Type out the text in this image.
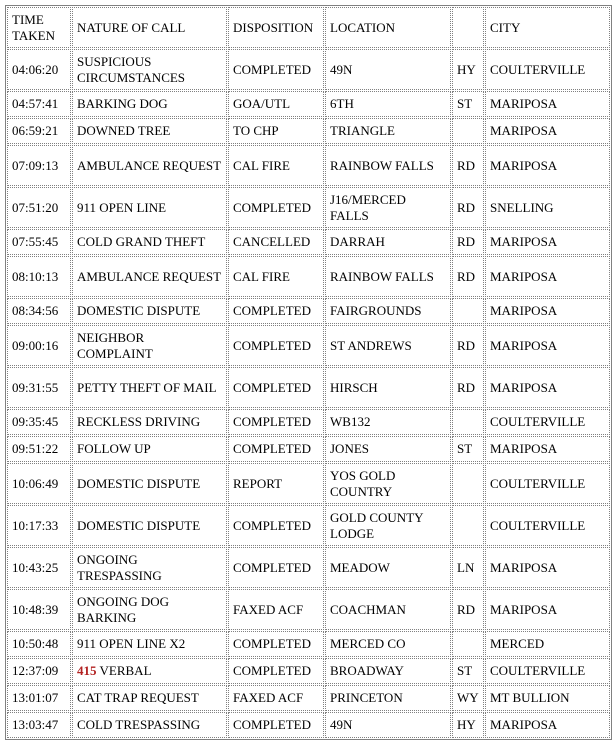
TIME TAKEN	NATURE OF CALL	DISPOSITION	LOCATION		CITY
04:06:20	SUSPICIOUS CIRCUMSTANCES	COMPLETED	49N	HY	COULTERVILLE
04:57:41	BARKING DOG	GOA/UTL	6TH	ST	MARIPOSA
06:59:21	DOWNED TREE	TO CHP	TRIANGLE		MARIPOSA
07:09:13	AMBULANCE REQUEST	CAL FIRE	RAINBOW FALLS	RD	MARIPOSA
07:51:20	911 OPEN LINE	COMPLETED	J16/MERCED FALLS	RD	SNELLING
07:55:45	COLD GRAND THEFT	CANCELLED	DARRAH	RD	MARIPOSA
08:10:13	AMBULANCE REQUEST	CAL FIRE	RAINBOW FALLS	RD	MARIPOSA
08:34:56	DOMESTIC DISPUTE	COMPLETED	FAIRGROUNDS		MARIPOSA
09:00:16	NEIGHBOR COMPLAINT	COMPLETED	ST ANDREWS	RD	MARIPOSA
09:31:55	PETTY THEFT OF MAIL	COMPLETED	HIRSCH	RD	MARIPOSA
09:35:45	RECKLESS DRIVING	COMPLETED	WB132		COULTERVILLE
09:51:22	FOLLOW UP	COMPLETED	JONES	ST	MARIPOSA
10:06:49	DOMESTIC DISPUTE	REPORT	YOS GOLD COUNTRY		COULTERVILLE
10:17:33	DOMESTIC DISPUTE	COMPLETED	GOLD COUNTY LODGE		COULTERVILLE
10:43:25	ONGOING TRESPASSING	COMPLETED	MEADOW	LN	MARIPOSA
10:48:39	ONGOING DOG BARKING	FAXED ACF	COACHMAN	RD	MARIPOSA
10:50:48	911 OPEN LINE X2	COMPLETED	MERCED CO		MERCED
12:37:09	415 VERBAL	COMPLETED	BROADWAY	ST	COULTERVILLE
13:01:07	CAT TRAP REQUEST	FAXED ACF	PRINCETON	WY	MT BULLION
13:03:47	COLD TRESPASSING	COMPLETED	49N	HY	MARIPOSA
